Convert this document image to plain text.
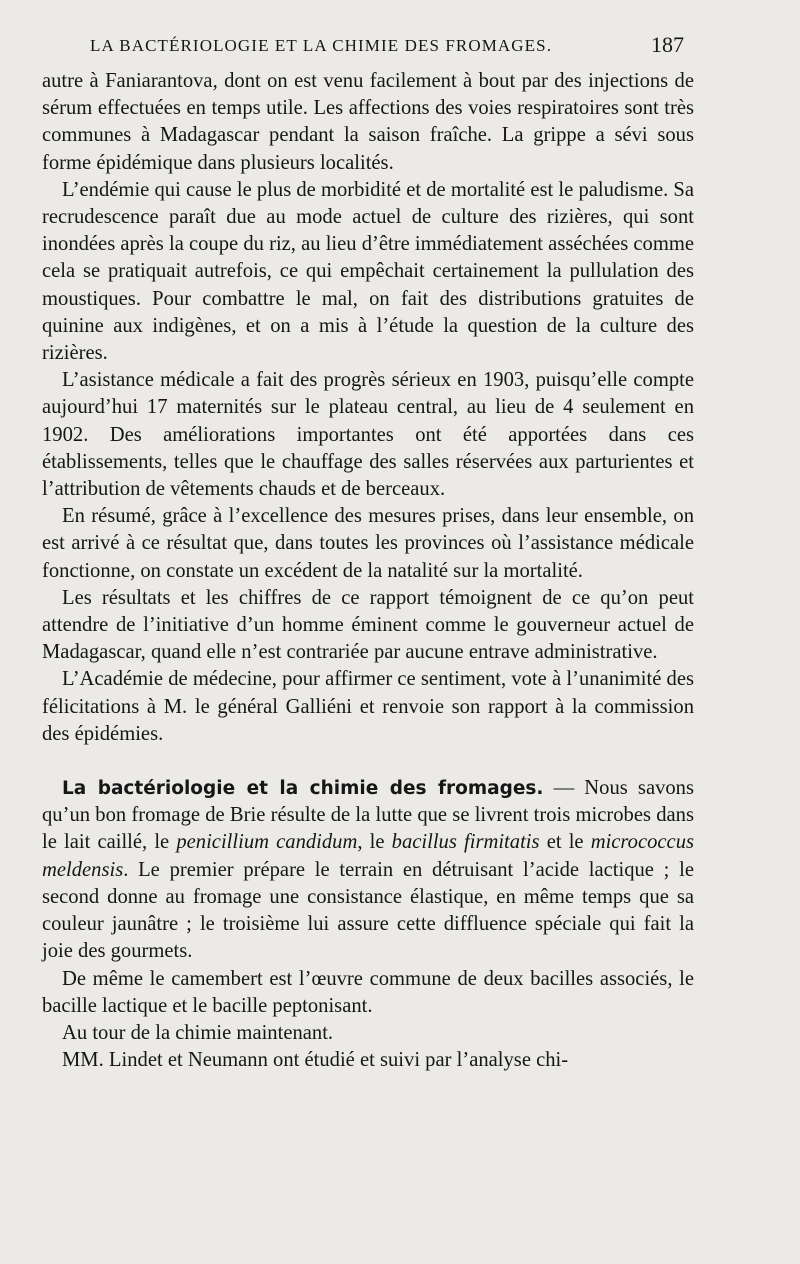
LA BACTÉRIOLOGIE ET LA CHIMIE DES FROMAGES.	187

autre à Faniarantova, dont on est venu facilement à bout par des injections de sérum effectuées en temps utile. Les affections des voies respiratoires sont très communes à Madagascar pendant la saison fraîche. La grippe a sévi sous forme épidémique dans plusieurs localités.

L’endémie qui cause le plus de morbidité et de mortalité est le paludisme. Sa recrudescence paraît due au mode actuel de culture des rizières, qui sont inondées après la coupe du riz, au lieu d’être immédiatement asséchées comme cela se pratiquait autrefois, ce qui empêchait certainement la pullulation des moustiques. Pour combattre le mal, on fait des distributions gratuites de quinine aux indigènes, et on a mis à l’étude la question de la culture des rizières.

L’asistance médicale a fait des progrès sérieux en 1903, puisqu’elle compte aujourd’hui 17 maternités sur le plateau central, au lieu de 4 seulement en 1902. Des améliorations importantes ont été apportées dans ces établissements, telles que le chauffage des salles réservées aux parturientes et l’attribution de vêtements chauds et de berceaux.

En résumé, grâce à l’excellence des mesures prises, dans leur ensemble, on est arrivé à ce résultat que, dans toutes les provinces où l’assistance médicale fonctionne, on constate un excédent de la natalité sur la mortalité.

Les résultats et les chiffres de ce rapport témoignent de ce qu’on peut attendre de l’initiative d’un homme éminent comme le gouverneur actuel de Madagascar, quand elle n’est contrariée par aucune entrave administrative.

L’Académie de médecine, pour affirmer ce sentiment, vote à l’unanimité des félicitations à M. le général Galliéni et renvoie son rapport à la commission des épidémies.

La bactériologie et la chimie des fromages. — Nous savons qu’un bon fromage de Brie résulte de la lutte que se livrent trois microbes dans le lait caillé, le penicillium candidum, le bacillus firmitatis et le micrococcus meldensis. Le premier prépare le terrain en détruisant l’acide lactique ; le second donne au fromage une consistance élastique, en même temps que sa couleur jaunâtre ; le troisième lui assure cette diffluence spéciale qui fait la joie des gourmets.

De même le camembert est l’œuvre commune de deux bacilles associés, le bacille lactique et le bacille peptonisant.

Au tour de la chimie maintenant.

MM. Lindet et Neumann ont étudié et suivi par l’analyse chi-
